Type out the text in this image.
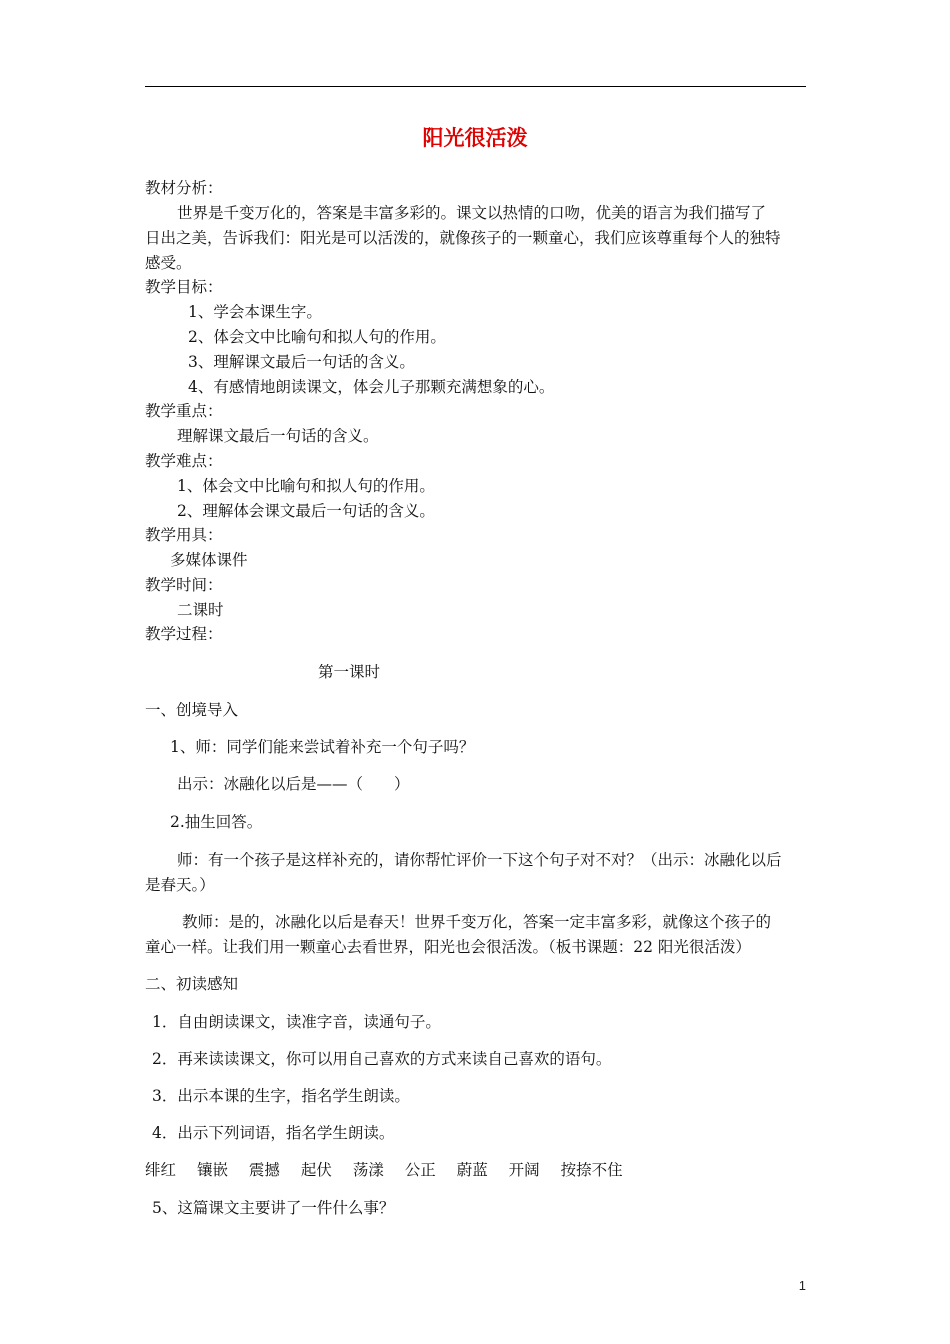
阳光很活泼

教材分析：

世界是千变万化的，答案是丰富多彩的。课文以热情的口吻，优美的语言为我们描写了

日出之美，告诉我们：阳光是可以活泼的，就像孩子的一颗童心，我们应该尊重每个人的独特

感受。

教学目标：

1、学会本课生字。

2、体会文中比喻句和拟人句的作用。

3、理解课文最后一句话的含义。

4、有感情地朗读课文，体会儿子那颗充满想象的心。

教学重点：

理解课文最后一句话的含义。

教学难点：

1、体会文中比喻句和拟人句的作用。

2、理解体会课文最后一句话的含义。

教学用具：

多媒体课件

教学时间：

二课时

教学过程：

第一课时

一、创境导入

1、师：同学们能来尝试着补充一个句子吗？

出示：冰融化以后是——（　　）

2.抽生回答。

师：有一个孩子是这样补充的，请你帮忙评价一下这个句子对不对？（出示：冰融化以后

是春天。）

教师：是的，冰融化以后是春天！世界千变万化，答案一定丰富多彩，就像这个孩子的

童心一样。让我们用一颗童心去看世界，阳光也会很活泼。（板书课题：22 阳光很活泼）

二、初读感知

1．自由朗读课文，读准字音，读通句子。

2．再来读读课文，你可以用自己喜欢的方式来读自己喜欢的语句。

3．出示本课的生字，指名学生朗读。

4．出示下列词语，指名学生朗读。

绯红 镶嵌 震撼 起伏 荡漾 公正 蔚蓝 开阔 按捺不住

5、这篇课文主要讲了一件什么事？

1
